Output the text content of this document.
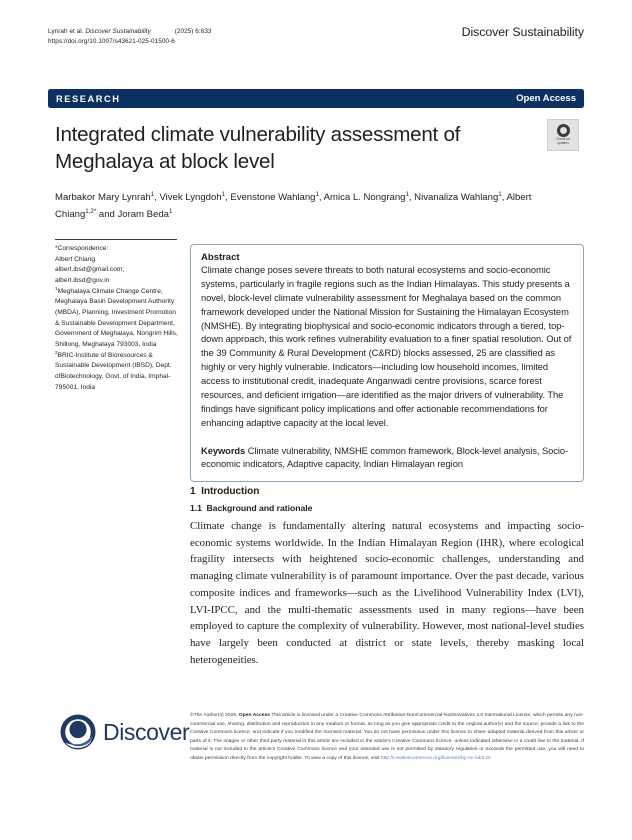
Lynrah et al. Discover Sustainability	(2025) 6:633
https://doi.org/10.1007/s43621-025-01500-6
Discover Sustainability
RESEARCH	Open Access
Integrated climate vulnerability assessment of Meghalaya at block level
Check for
updates
Marbakor Mary Lynrah$^1$, Vivek Lyngdoh$^1$, Evenstone Wahlang$^1$, Amica L. Nongrang$^1$, Nivanaliza Wahlang$^1$, Albert Chiang$^{1,2*}$ and Joram Beda$^1$

*Correspondence:

Albert Chiang

albert.ibsd@gmail.com;

albert.ibsd@gov.in

$^1$Meghalaya Climate Change Centre, Meghalaya Basin Development Authority (MBDA), Planning, Investment Promotion & Sustainable Development Department, Government of Meghalaya, Nongrim Hills, Shillong, Meghalaya 793003, India

$^2$BRIC-Institute of Bioresources & Sustainable Development (IBSD), Dept. ofBiotechnology, Govt. of India, Imphal-795001, India

Abstract

Climate change poses severe threats to both natural ecosystems and socio-economic systems, particularly in fragile regions such as the Indian Himalayas. This study presents a novel, block-level climate vulnerability assessment for Meghalaya based on the common framework developed under the National Mission for Sustaining the Himalayan Ecosystem (NMSHE). By integrating biophysical and socio-economic indicators through a tiered, top-down approach, this work refines vulnerability evaluation to a finer spatial resolution. Out of the 39 Community & Rural Development (C&RD) blocks assessed, 25 are classified as highly or very highly vulnerable. Indicators—including low household incomes, limited access to institutional credit, inadequate Anganwadi centre provisions, scarce forest resources, and deficient irrigation—are identified as the major drivers of vulnerability. The findings have significant policy implications and offer actionable recommendations for enhancing adaptive capacity at the local level.

Keywords Climate vulnerability, NMSHE common framework, Block-level analysis, Socio-economic indicators, Adaptive capacity, Indian Himalayan region

1 Introduction
1.1 Background and rationale

Climate change is fundamentally altering natural ecosystems and impacting socio-economic systems worldwide. In the Indian Himalayan Region (IHR), where ecological fragility intersects with heightened socio-economic challenges, understanding and managing climate vulnerability is of paramount importance. Over the past decade, various composite indices and frameworks—such as the Livelihood Vulnerability Index (LVI), LVI-IPCC, and the multi-thematic assessments used in many regions—have been employed to capture the complexity of vulnerability. However, most national-level studies have largely been conducted at district or state levels, thereby masking local heterogeneities.

Discover

©The Author(s) 2025. Open Access This article is licensed under a Creative Commons Attribution-NonCommercial-NoDerivatives 4.0 International License, which permits any non-commercial use, sharing, distribution and reproduction in any medium or format, as long as you give appropriate credit to the original author(s) and the source, provide a link to the Creative Commons licence, and indicate if you modified the licensed material. You do not have permission under this licence to share adapted material derived from this article or parts of it. The images or other third party material in this article are included in the article's Creative Commons licence, unless indicated otherwise in a credit line to the material. If material is not included in the article's Creative Commons licence and your intended use is not permitted by statutory regulation or exceeds the permitted use, you will need to obtain permission directly from the copyright holder. To view a copy of this licence, visit http://creativecommons.org/licenses/by-nc-nd/4.0/.
